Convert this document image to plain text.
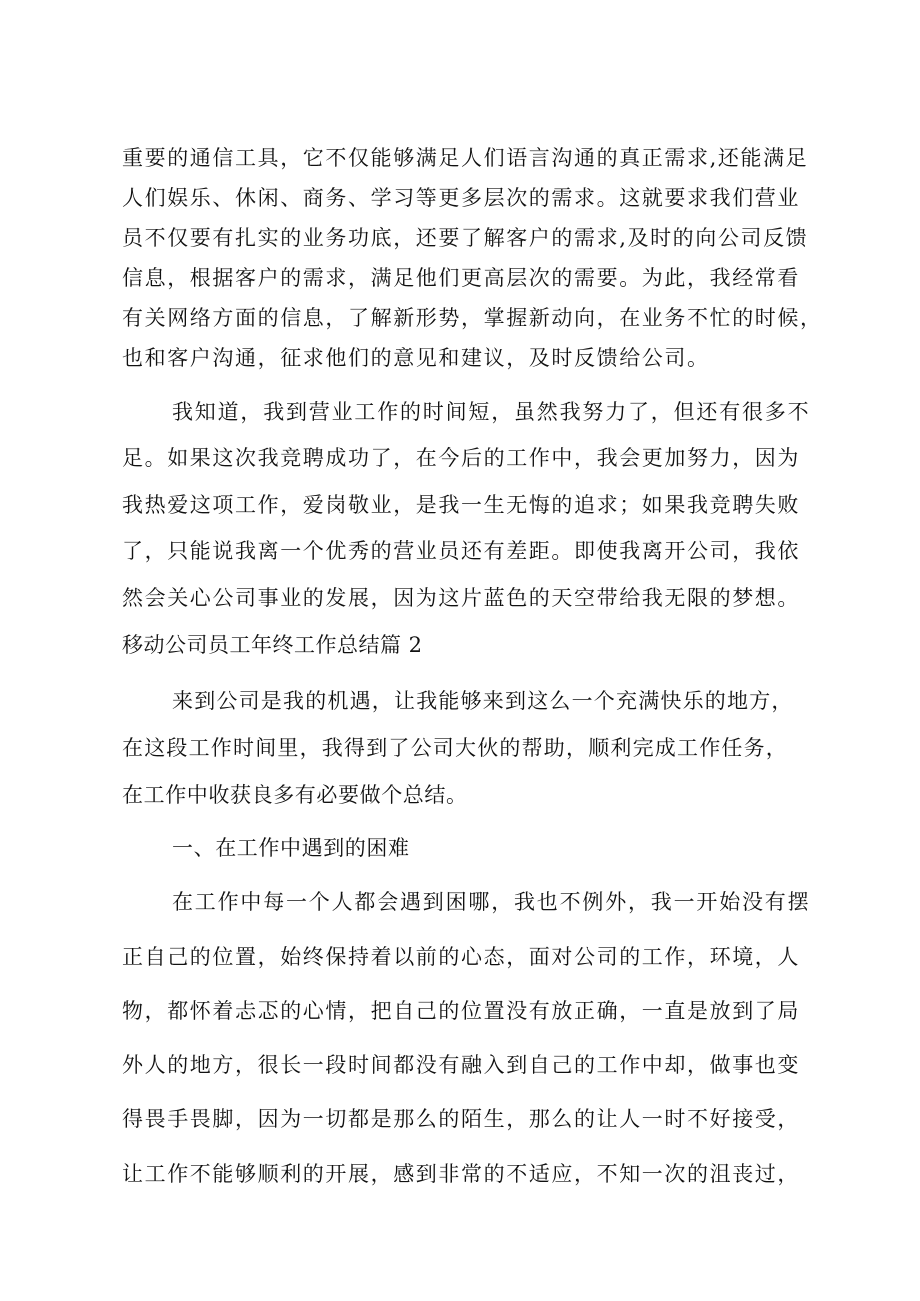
重要的通信工具，它不仅能够满足人们语言沟通的真正需求,还能满足

人们娱乐、休闲、商务、学习等更多层次的需求。这就要求我们营业

员不仅要有扎实的业务功底，还要了解客户的需求,及时的向公司反馈

信息，根据客户的需求，满足他们更高层次的需要。为此，我经常看

有关网络方面的信息，了解新形势，掌握新动向，在业务不忙的时候，

也和客户沟通，征求他们的意见和建议，及时反馈给公司。

我知道，我到营业工作的时间短，虽然我努力了，但还有很多不

足。如果这次我竞聘成功了，在今后的工作中，我会更加努力，因为

我热爱这项工作，爱岗敬业，是我一生无悔的追求；如果我竞聘失败

了，只能说我离一个优秀的营业员还有差距。即使我离开公司，我依

然会关心公司事业的发展，因为这片蓝色的天空带给我无限的梦想。

移动公司员工年终工作总结篇 2

来到公司是我的机遇，让我能够来到这么一个充满快乐的地方，

在这段工作时间里，我得到了公司大伙的帮助，顺利完成工作任务，

在工作中收获良多有必要做个总结。

一、在工作中遇到的困难

在工作中每一个人都会遇到困哪，我也不例外，我一开始没有摆

正自己的位置，始终保持着以前的心态，面对公司的工作，环境，人

物，都怀着忐忑的心情，把自己的位置没有放正确，一直是放到了局

外人的地方，很长一段时间都没有融入到自己的工作中却，做事也变

得畏手畏脚，因为一切都是那么的陌生，那么的让人一时不好接受，

让工作不能够顺利的开展，感到非常的不适应，不知一次的沮丧过，
